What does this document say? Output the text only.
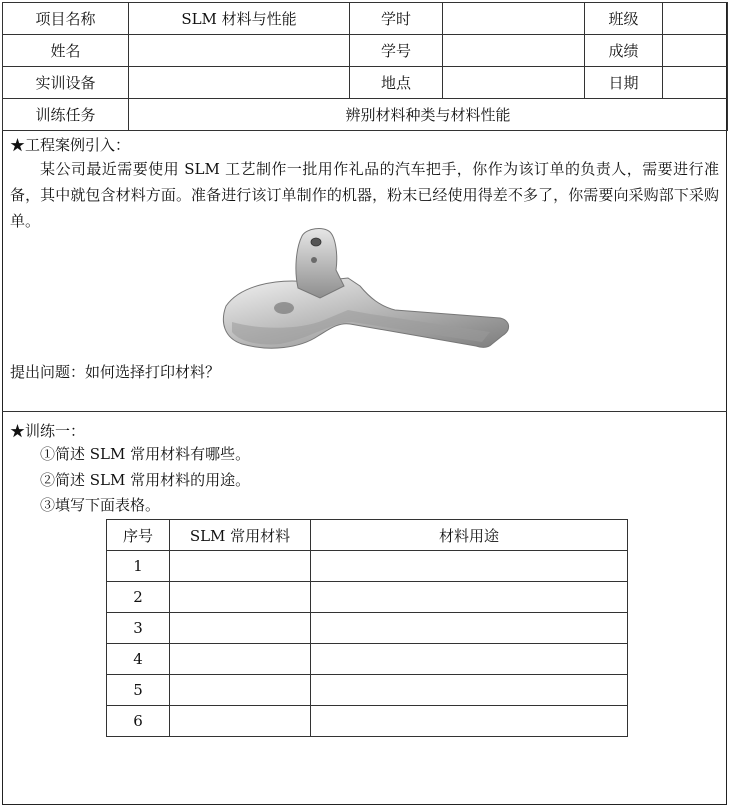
项目名称	SLM 材料与性能	学时		班级	
姓名		学号		成绩	
实训设备		地点		日期	
训练任务	辨别材料种类与材料性能				
★工程案例引入：
某公司最近需要使用 SLM 工艺制作一批用作礼品的汽车把手，你作为该订单的负责人，需要进行准备，其中就包含材料方面。准备进行该订单制作的机器，粉末已经使用得差不多了，你需要向采购部下采购单。
提出问题：如何选择打印材料？
★训练一：
①简述 SLM 常用材料有哪些。
②简述 SLM 常用材料的用途。
③填写下面表格。
序号	SLM 常用材料	材料用途
1		
2		
3		
4		
5		
6		
